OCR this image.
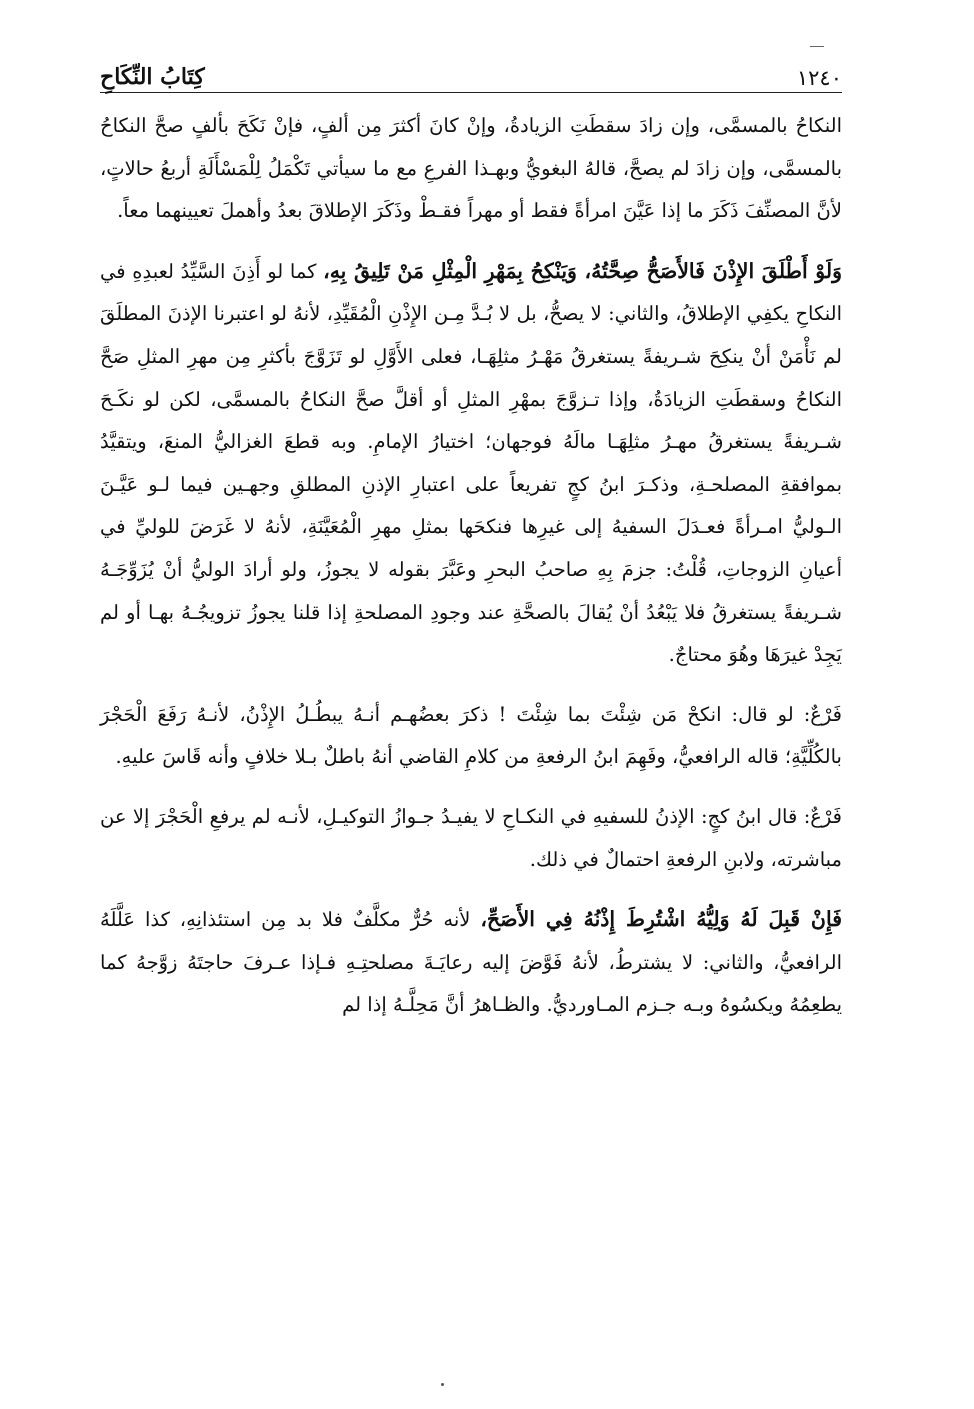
١٢٤٠
كِتَابُ النِّكَاحِ

النكاحُ بالمسمَّى، وإن زادَ سقطَتِ الزيادةُ، وإنْ كانَ أكثرَ مِن ألفٍ، فإنْ نَكَحَ بألفٍ صحَّ النكاحُ بالمسمَّى، وإن زادَ لم يصحَّ، قالهُ البغويُّ وبهـذا الفرعِ مع ما سيأتي تَكْمَلُ لِلْمَسْأَلَةِ أربعُ حالاتٍ، لأنَّ المصنِّفَ ذَكَرَ ما إذا عَيَّنَ امرأةً فقط أو مهراً فقـطْ وذَكَرَ الإطلاقَ بعدُ وأهملَ تعيينهما معاً.

وَلَوْ أَطْلَقَ الإِذْنَ فَالأَصَحُّ صِحَّتُهُ، وَيَنْكِحُ بِمَهْرِ الْمِثْلِ مَنْ تَلِيقُ بِهِ، كما لو أَذِنَ السَّيِّدُ لعبدِهِ في النكاحِ يكفِي الإطلاقُ، والثاني: لا يصحُّ، بل لا بُـدَّ مِـن الإِذْنِ الْمُقَيِّدِ، لأنهُ لو اعتبرنا الإذنَ المطلَقَ لم نَأْمَنْ أنْ ينكِحَ شـريفةً يستغرقُ مَهْـرُ مثلِهَـا، فعلى الأَوَّلِ لو تَزَوَّجَ بأكثرِ مِن مهرِ المثلِ صَحَّ النكاحُ وسقطَتِ الزيادَةُ، وإذا تـزوَّجَ بمهْرِ المثلِ أو أقلَّ صحَّ النكاحُ بالمسمَّى، لكن لو نكَـحَ شـريفةً يستغرقُ مهـرُ مثلِهَـا مالَهُ فوجهان؛ اختيارُ الإمامِ. وبه قطعَ الغزاليُّ المنعَ، ويتقيَّدُ بموافقةِ المصلحـةِ، وذكـرَ ابنُ كجٍ تفريعاً على اعتبارِ الإذنِ المطلقِ وجهـين فيما لـو عَيَّـنَ الـوليُّ امـرأةً فعـدَلَ السفيهُ إلى غيرِها فنكحَها بمثلِ مهرِ الْمُعَيَّنَةِ، لأنهُ لا غَرَضَ للوليِّ في أعيانِ الزوجاتِ، قُلْتُ: جزمَ بِهِ صاحبُ البحرِ وعَبَّرَ بقوله لا يجوزُ، ولو أرادَ الوليُّ أنْ يُزَوِّجَـهُ شـريفةً يستغرقُ فلا يَبْعُدُ أنْ يُقالَ بالصحَّةِ عند وجودِ المصلحةِ إذا قلنا يجوزُ تزويجُـهُ بهـا أو لم يَجِدْ غيرَهَا وهُوَ محتاجٌ.

فَرْعٌ: لو قال: انكحْ مَن شِئْتَ بما شِئْتَ ! ذكرَ بعضُهـم أنـهُ يبطُـلُ الإِذْنُ، لأنـهُ رَفَعَ الْحَجْرَ بالكُلِّيَّةِ؛ قاله الرافعيُّ، وفَهِمَ ابنُ الرفعةِ من كلامِ القاضي أنهُ باطلٌ بـلا خلافٍ وأنه قَاسَ عليهِ.

فَرْعٌ: قال ابنُ كجٍ: الإذنُ للسفيهِ في النكـاحِ لا يفيـدُ جـوازُ التوكيـلِ، لأنـه لم يرفعِ الْحَجْرَ إلا عن مباشرته، ولابنِ الرفعةِ احتمالٌ في ذلك.

فَإِنْ قَبِلَ لَهُ وَلِيُّهُ اشْتُرِطَ إِذْنُهُ فِي الأَصَحِّ، لأنه حُرٌّ مكلَّفٌ فلا بد مِن استئذانِهِ، كذا عَلَّلَهُ الرافعيُّ، والثاني: لا يشترطُ، لأنهُ فَوَّضَ إليه رعايَـةَ مصلحتِـهِ فـإذا عـرفَ حاجتَهُ زوَّجهُ كما يطعِمُهُ ويكسُوهُ وبـه جـزم المـاورديُّ. والظـاهرُ أنَّ مَحِلَّـهُ إذا لم
